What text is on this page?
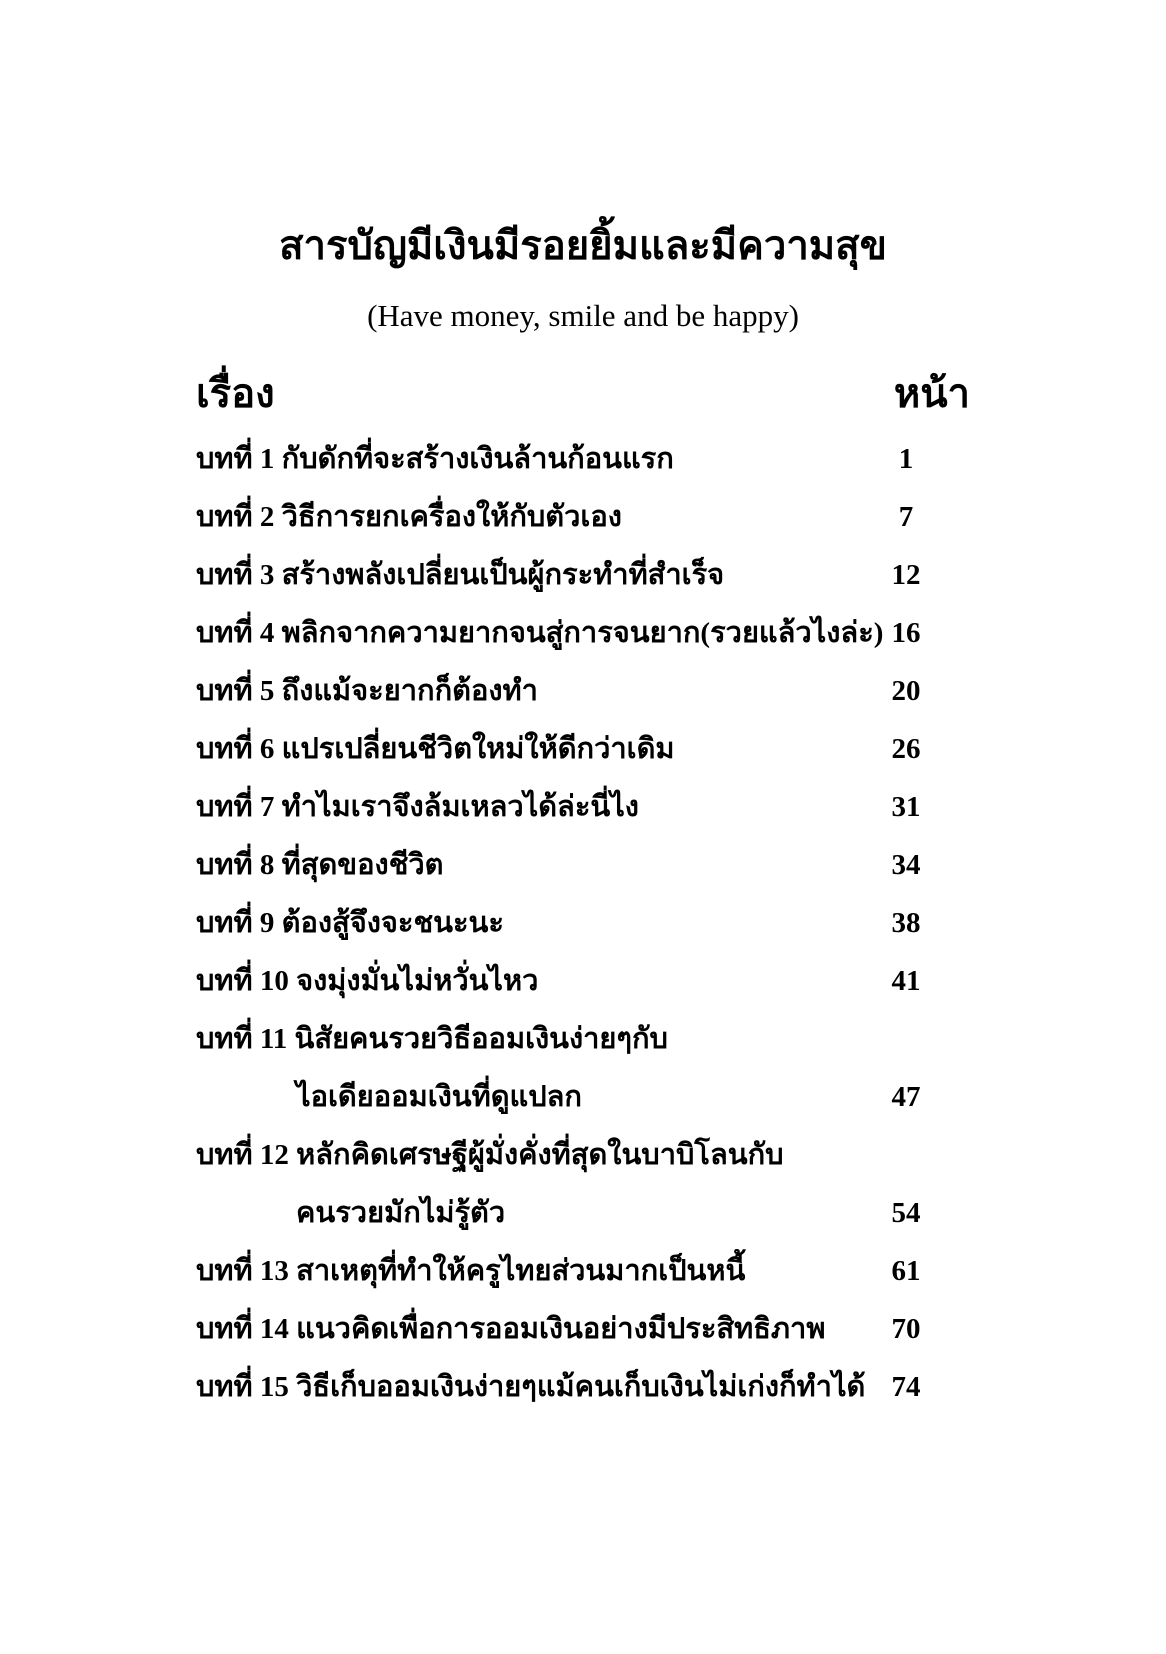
สารบัญมีเงินมีรอยยิ้มและมีความสุข
(Have money, smile and be happy)
เรื่อง	หน้า
บทที่ 1 กับดักที่จะสร้างเงินล้านก้อนแรก	1
บทที่ 2 วิธีการยกเครื่องให้กับตัวเอง	7
บทที่ 3 สร้างพลังเปลี่ยนเป็นผู้กระทำที่สำเร็จ	12
บทที่ 4 พลิกจากความยากจนสู่การจนยาก(รวยแล้วไงล่ะ) 16
บทที่ 5 ถึงแม้จะยากก็ต้องทำ	20
บทที่ 6 แปรเปลี่ยนชีวิตใหม่ให้ดีกว่าเดิม	26
บทที่ 7 ทำไมเราจึงล้มเหลวได้ล่ะนี่ไง	31
บทที่ 8 ที่สุดของชีวิต	34
บทที่ 9 ต้องสู้จึงจะชนะนะ	38
บทที่ 10 จงมุ่งมั่นไม่หวั่นไหว	41
บทที่ 11 นิสัยคนรวยวิธีออมเงินง่ายๆกับ
ไอเดียออมเงินที่ดูแปลก	47
บทที่ 12 หลักคิดเศรษฐีผู้มั่งคั่งที่สุดในบาบิโลนกับ
คนรวยมักไม่รู้ตัว	54
บทที่ 13 สาเหตุที่ทำให้ครูไทยส่วนมากเป็นหนี้	61
บทที่ 14 แนวคิดเพื่อการออมเงินอย่างมีประสิทธิภาพ	70
บทที่ 15 วิธีเก็บออมเงินง่ายๆแม้คนเก็บเงินไม่เก่งก็ทำได้ 74
